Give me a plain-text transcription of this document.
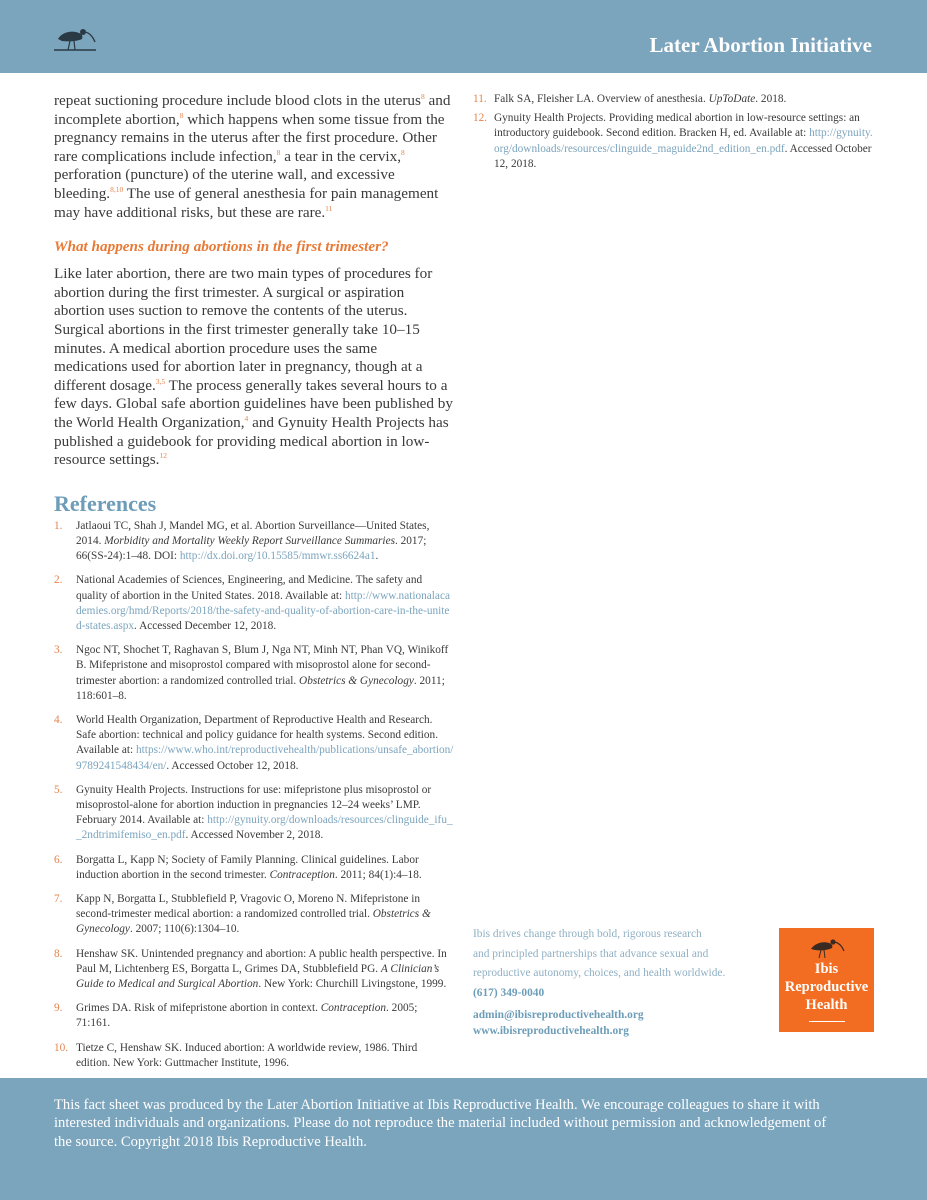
Later Abortion Initiative

repeat suctioning procedure include blood clots in the uterus$^8$ and incomplete abortion,$^8$ which happens when some tissue from the pregnancy remains in the uterus after the first procedure. Other rare complications include infection,$^8$ a tear in the cervix,$^8$ perforation (puncture) of the uterine wall, and excessive bleeding.$^{8,10}$ The use of general anesthesia for pain management may have additional risks, but these are rare.$^{11}$

What happens during abortions in the first trimester?

Like later abortion, there are two main types of procedures for abortion during the first trimester. A surgical or aspiration abortion uses suction to remove the contents of the uterus. Surgical abortions in the first trimester generally take 10–15 minutes. A medical abortion procedure uses the same medications used for abortion later in pregnancy, though at a different dosage.$^{3,5}$ The process generally takes several hours to a few days. Global safe abortion guidelines have been published by the World Health Organization,$^4$ and Gynuity Health Projects has published a guidebook for providing medical abortion in low-resource settings.$^{12}$

References
1. Jatlaoui TC, Shah J, Mandel MG, et al. Abortion Surveillance—United States, 2014. Morbidity and Mortality Weekly Report Surveillance Summaries. 2017; 66(SS-24):1–48. DOI: http://dx.doi.org/10.15585/mmwr.ss6624a1.
2. National Academies of Sciences, Engineering, and Medicine. The safety and quality of abortion in the United States. 2018. Available at: http://www.nationalacademies.org/hmd/Reports/2018/the-safety-and-quality-of-abortion-care-in-the-united-states.aspx. Accessed December 12, 2018.
3. Ngoc NT, Shochet T, Raghavan S, Blum J, Nga NT, Minh NT, Phan VQ, Winikoff B. Mifepristone and misoprostol compared with misoprostol alone for second-trimester abortion: a randomized controlled trial. Obstetrics & Gynecology. 2011; 118:601–8.
4. World Health Organization, Department of Reproductive Health and Research. Safe abortion: technical and policy guidance for health systems. Second edition. Available at: https://www.who.int/reproductivehealth/publications/unsafe_abortion/9789241548434/en/. Accessed October 12, 2018.
5. Gynuity Health Projects. Instructions for use: mifepristone plus misoprostol or misoprostol-alone for abortion induction in pregnancies 12–24 weeks’ LMP. February 2014. Available at: http://gynuity.org/downloads/resources/clinguide_ifu__2ndtrimifemiso_en.pdf. Accessed November 2, 2018.
6. Borgatta L, Kapp N; Society of Family Planning. Clinical guidelines. Labor induction abortion in the second trimester. Contraception. 2011; 84(1):4–18.
7. Kapp N, Borgatta L, Stubblefield P, Vragovic O, Moreno N. Mifepristone in second-trimester medical abortion: a randomized controlled trial. Obstetrics & Gynecology. 2007; 110(6):1304–10.
8. Henshaw SK. Unintended pregnancy and abortion: A public health perspective. In Paul M, Lichtenberg ES, Borgatta L, Grimes DA, Stubblefield PG. A Clinician’s Guide to Medical and Surgical Abortion. New York: Churchill Livingstone, 1999.
9. Grimes DA. Risk of mifepristone abortion in context. Contraception. 2005; 71:161.
10. Tietze C, Henshaw SK. Induced abortion: A worldwide review, 1986. Third edition. New York: Guttmacher Institute, 1996.
11. Falk SA, Fleisher LA. Overview of anesthesia. UpToDate. 2018.
12. Gynuity Health Projects. Providing medical abortion in low-resource settings: an introductory guidebook. Second edition. Bracken H, ed. Available at: http://gynuity.org/downloads/resources/clinguide_maguide2nd_edition_en.pdf. Accessed October 12, 2018.
Ibis drives change through bold, rigorous research
and principled partnerships that advance sexual and
reproductive autonomy, choices, and health worldwide.
(617) 349-0040
admin@ibisreproductivehealth.org
www.ibisreproductivehealth.org
Ibis
Reproductive
Health
This fact sheet was produced by the Later Abortion Initiative at Ibis Reproductive Health. We encourage colleagues to share it with interested individuals and organizations. Please do not reproduce the material included without permission and acknowledgement of the source. Copyright 2018 Ibis Reproductive Health.
